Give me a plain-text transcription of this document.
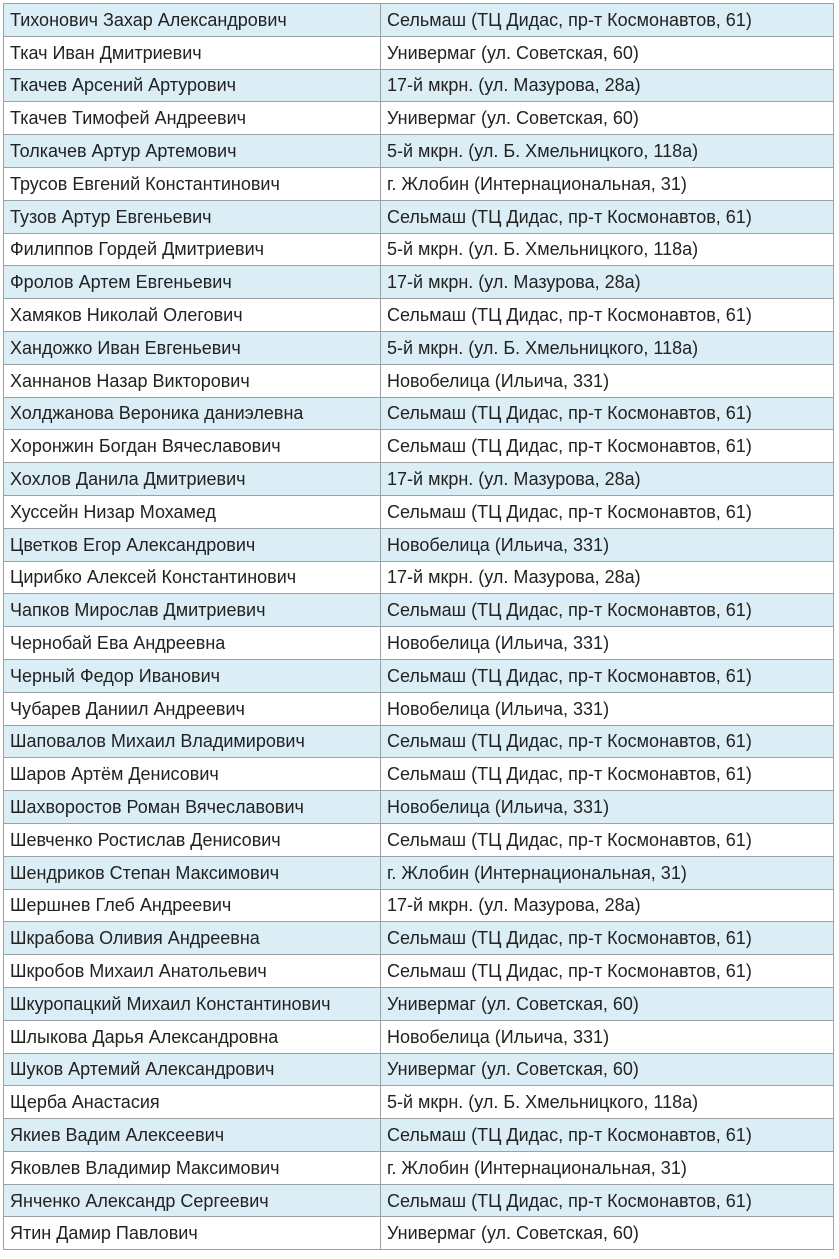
Тихонович Захар Александрович	Сельмаш (ТЦ Дидас, пр-т Космонавтов, 61)
Ткач Иван Дмитриевич	Универмаг (ул. Советская, 60)
Ткачев Арсений Артурович	17-й мкрн. (ул. Мазурова, 28а)
Ткачев Тимофей Андреевич	Универмаг (ул. Советская, 60)
Толкачев Артур Артемович	5-й мкрн. (ул. Б. Хмельницкого, 118а)
Трусов Евгений Константинович	г. Жлобин (Интернациональная, 31)
Тузов Артур Евгеньевич	Сельмаш (ТЦ Дидас, пр-т Космонавтов, 61)
Филиппов Гордей Дмитриевич	5-й мкрн. (ул. Б. Хмельницкого, 118а)
Фролов Артем Евгеньевич	17-й мкрн. (ул. Мазурова, 28а)
Хамяков Николай Олегович	Сельмаш (ТЦ Дидас, пр-т Космонавтов, 61)
Хандожко Иван Евгеньевич	5-й мкрн. (ул. Б. Хмельницкого, 118а)
Ханнанов Назар Викторович	Новобелица (Ильича, 331)
Холджанова Вероника даниэлевна	Сельмаш (ТЦ Дидас, пр-т Космонавтов, 61)
Хоронжин Богдан Вячеславович	Сельмаш (ТЦ Дидас, пр-т Космонавтов, 61)
Хохлов Данила Дмитриевич	17-й мкрн. (ул. Мазурова, 28а)
Хуссейн Низар Мохамед	Сельмаш (ТЦ Дидас, пр-т Космонавтов, 61)
Цветков Егор Александрович	Новобелица (Ильича, 331)
Цирибко Алексей Константинович	17-й мкрн. (ул. Мазурова, 28а)
Чапков Мирослав Дмитриевич	Сельмаш (ТЦ Дидас, пр-т Космонавтов, 61)
Чернобай Ева Андреевна	Новобелица (Ильича, 331)
Черный Федор Иванович	Сельмаш (ТЦ Дидас, пр-т Космонавтов, 61)
Чубарев Даниил Андреевич	Новобелица (Ильича, 331)
Шаповалов Михаил Владимирович	Сельмаш (ТЦ Дидас, пр-т Космонавтов, 61)
Шаров Артём Денисович	Сельмаш (ТЦ Дидас, пр-т Космонавтов, 61)
Шахворостов Роман Вячеславович	Новобелица (Ильича, 331)
Шевченко Ростислав Денисович	Сельмаш (ТЦ Дидас, пр-т Космонавтов, 61)
Шендриков Степан Максимович	г. Жлобин (Интернациональная, 31)
Шершнев Глеб Андреевич	17-й мкрн. (ул. Мазурова, 28а)
Шкрабова Оливия Андреевна	Сельмаш (ТЦ Дидас, пр-т Космонавтов, 61)
Шкробов Михаил Анатольевич	Сельмаш (ТЦ Дидас, пр-т Космонавтов, 61)
Шкуропацкий Михаил Константинович	Универмаг (ул. Советская, 60)
Шлыкова Дарья Александровна	Новобелица (Ильича, 331)
Шуков Артемий Александрович	Универмаг (ул. Советская, 60)
Щерба Анастасия	5-й мкрн. (ул. Б. Хмельницкого, 118а)
Якиев Вадим Алексеевич	Сельмаш (ТЦ Дидас, пр-т Космонавтов, 61)
Яковлев Владимир Максимович	г. Жлобин (Интернациональная, 31)
Янченко Александр Сергеевич	Сельмаш (ТЦ Дидас, пр-т Космонавтов, 61)
Ятин Дамир Павлович	Универмаг (ул. Советская, 60)
